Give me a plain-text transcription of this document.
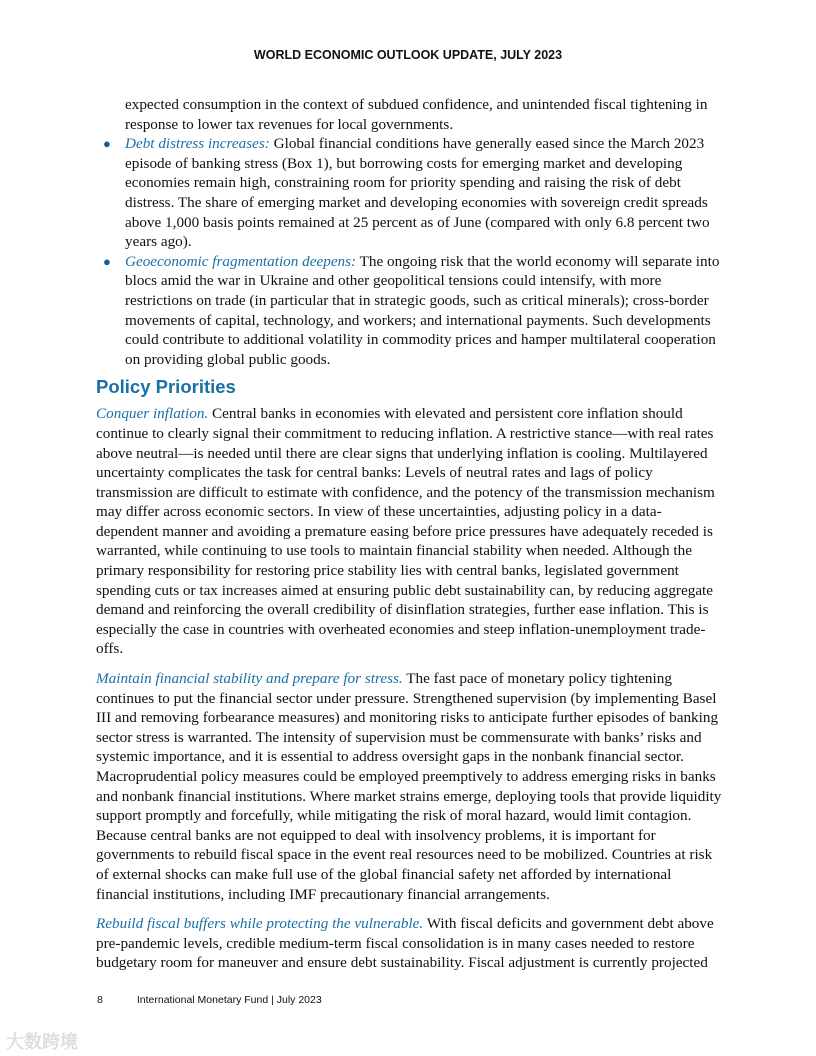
WORLD ECONOMIC OUTLOOK UPDATE, JULY 2023

expected consumption in the context of subdued confidence, and unintended fiscal tightening in response to lower tax revenues for local governments.

● Debt distress increases: Global financial conditions have generally eased since the March 2023 episode of banking stress (Box 1), but borrowing costs for emerging market and developing economies remain high, constraining room for priority spending and raising the risk of debt distress. The share of emerging market and developing economies with sovereign credit spreads above 1,000 basis points remained at 25 percent as of June (compared with only 6.8 percent two years ago).
● Geoeconomic fragmentation deepens: The ongoing risk that the world economy will separate into blocs amid the war in Ukraine and other geopolitical tensions could intensify, with more restrictions on trade (in particular that in strategic goods, such as critical minerals); cross-border movements of capital, technology, and workers; and international payments. Such developments could contribute to additional volatility in commodity prices and hamper multilateral cooperation on providing global public goods.
Policy Priorities

Conquer inflation. Central banks in economies with elevated and persistent core inflation should continue to clearly signal their commitment to reducing inflation. A restrictive stance—with real rates above neutral—is needed until there are clear signs that underlying inflation is cooling. Multilayered uncertainty complicates the task for central banks: Levels of neutral rates and lags of policy transmission are difficult to estimate with confidence, and the potency of the transmission mechanism may differ across economic sectors. In view of these uncertainties, adjusting policy in a data-dependent manner and avoiding a premature easing before price pressures have adequately receded is warranted, while continuing to use tools to maintain financial stability when needed. Although the primary responsibility for restoring price stability lies with central banks, legislated government spending cuts or tax increases aimed at ensuring public debt sustainability can, by reducing aggregate demand and reinforcing the overall credibility of disinflation strategies, further ease inflation. This is especially the case in countries with overheated economies and steep inflation-unemployment trade-offs.

Maintain financial stability and prepare for stress. The fast pace of monetary policy tightening continues to put the financial sector under pressure. Strengthened supervision (by implementing Basel III and removing forbearance measures) and monitoring risks to anticipate further episodes of banking sector stress is warranted. The intensity of supervision must be commensurate with banks’ risks and systemic importance, and it is essential to address oversight gaps in the nonbank financial sector. Macroprudential policy measures could be employed preemptively to address emerging risks in banks and nonbank financial institutions. Where market strains emerge, deploying tools that provide liquidity support promptly and forcefully, while mitigating the risk of moral hazard, would limit contagion. Because central banks are not equipped to deal with insolvency problems, it is important for governments to rebuild fiscal space in the event real resources need to be mobilized. Countries at risk of external shocks can make full use of the global financial safety net afforded by international financial institutions, including IMF precautionary financial arrangements.

Rebuild fiscal buffers while protecting the vulnerable. With fiscal deficits and government debt above pre-pandemic levels, credible medium-term fiscal consolidation is in many cases needed to restore budgetary room for maneuver and ensure debt sustainability. Fiscal adjustment is currently projected

8	International Monetary Fund | July 2023
大数跨境
